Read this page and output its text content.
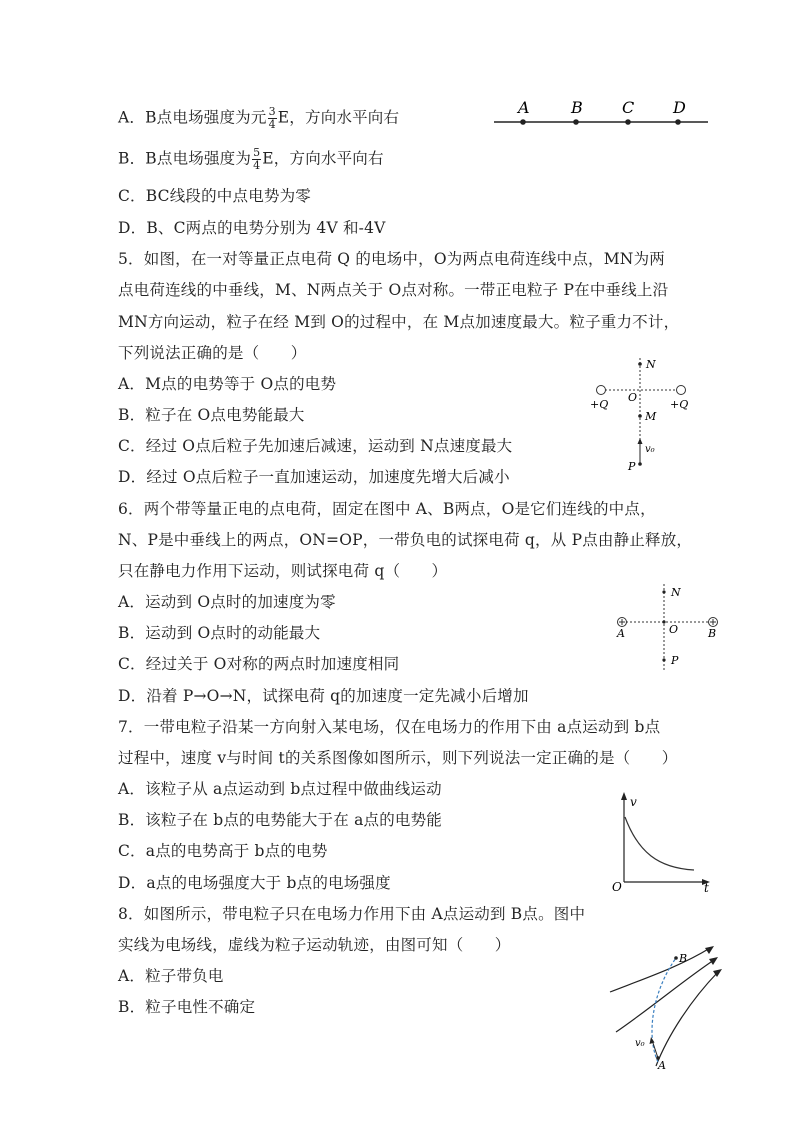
A．B点电场强度为元 $\frac{3}{4}$ E，方向水平向右
B．B点电场强度为 $\frac{5}{4}$ E，方向水平向右
C．BC线段的中点电势为零
D．B、C两点的电势分别为 4V 和-4V
A	B C D
5．如图，在一对等量正点电荷 Q 的电场中，O为两点电荷连线中点，MN为两
点电荷连线的中垂线，M、N两点关于 O点对称。一带正电粒子 P在中垂线上沿
MN方向运动，粒子在经 M到 O的过程中，在 M点加速度最大。粒子重力不计，
下列说法正确的是（　　）
A．M点的电势等于 O点的电势
B．粒子在 O点电势能最大
C．经过 O点后粒子先加速后减速，运动到 N点速度最大
D．经过 O点后粒子一直加速运动，加速度先增大后减小
N
O
M
v₀
P
+Q	+Q
6．两个带等量正电的点电荷，固定在图中 A、B两点，O是它们连线的中点，
N、P是中垂线上的两点，ON=OP，一带负电的试探电荷 q，从 P点由静止释放，
只在静电力作用下运动，则试探电荷 q（　　）
A．运动到 O点时的加速度为零
B．运动到 O点时的动能最大
C．经过关于 O对称的两点时加速度相同
D．沿着 P→O→N，试探电荷 q的加速度一定先减小后增加
N
A	O	B
P
7．一带电粒子沿某一方向射入某电场，仅在电场力的作用下由 a点运动到 b点
过程中，速度 v与时间 t的关系图像如图所示，则下列说法一定正确的是（　　）
A．该粒子从 a点运动到 b点过程中做曲线运动
B．该粒子在 b点的电势能大于在 a点的电势能
C．a点的电势高于 b点的电势
D．a点的电场强度大于 b点的电场强度
v
O	t
8．如图所示，带电粒子只在电场力作用下由 A点运动到 B点。图中
实线为电场线，虚线为粒子运动轨迹，由图可知（　　）
A．粒子带负电
B．粒子电性不确定
B
v₀
A
